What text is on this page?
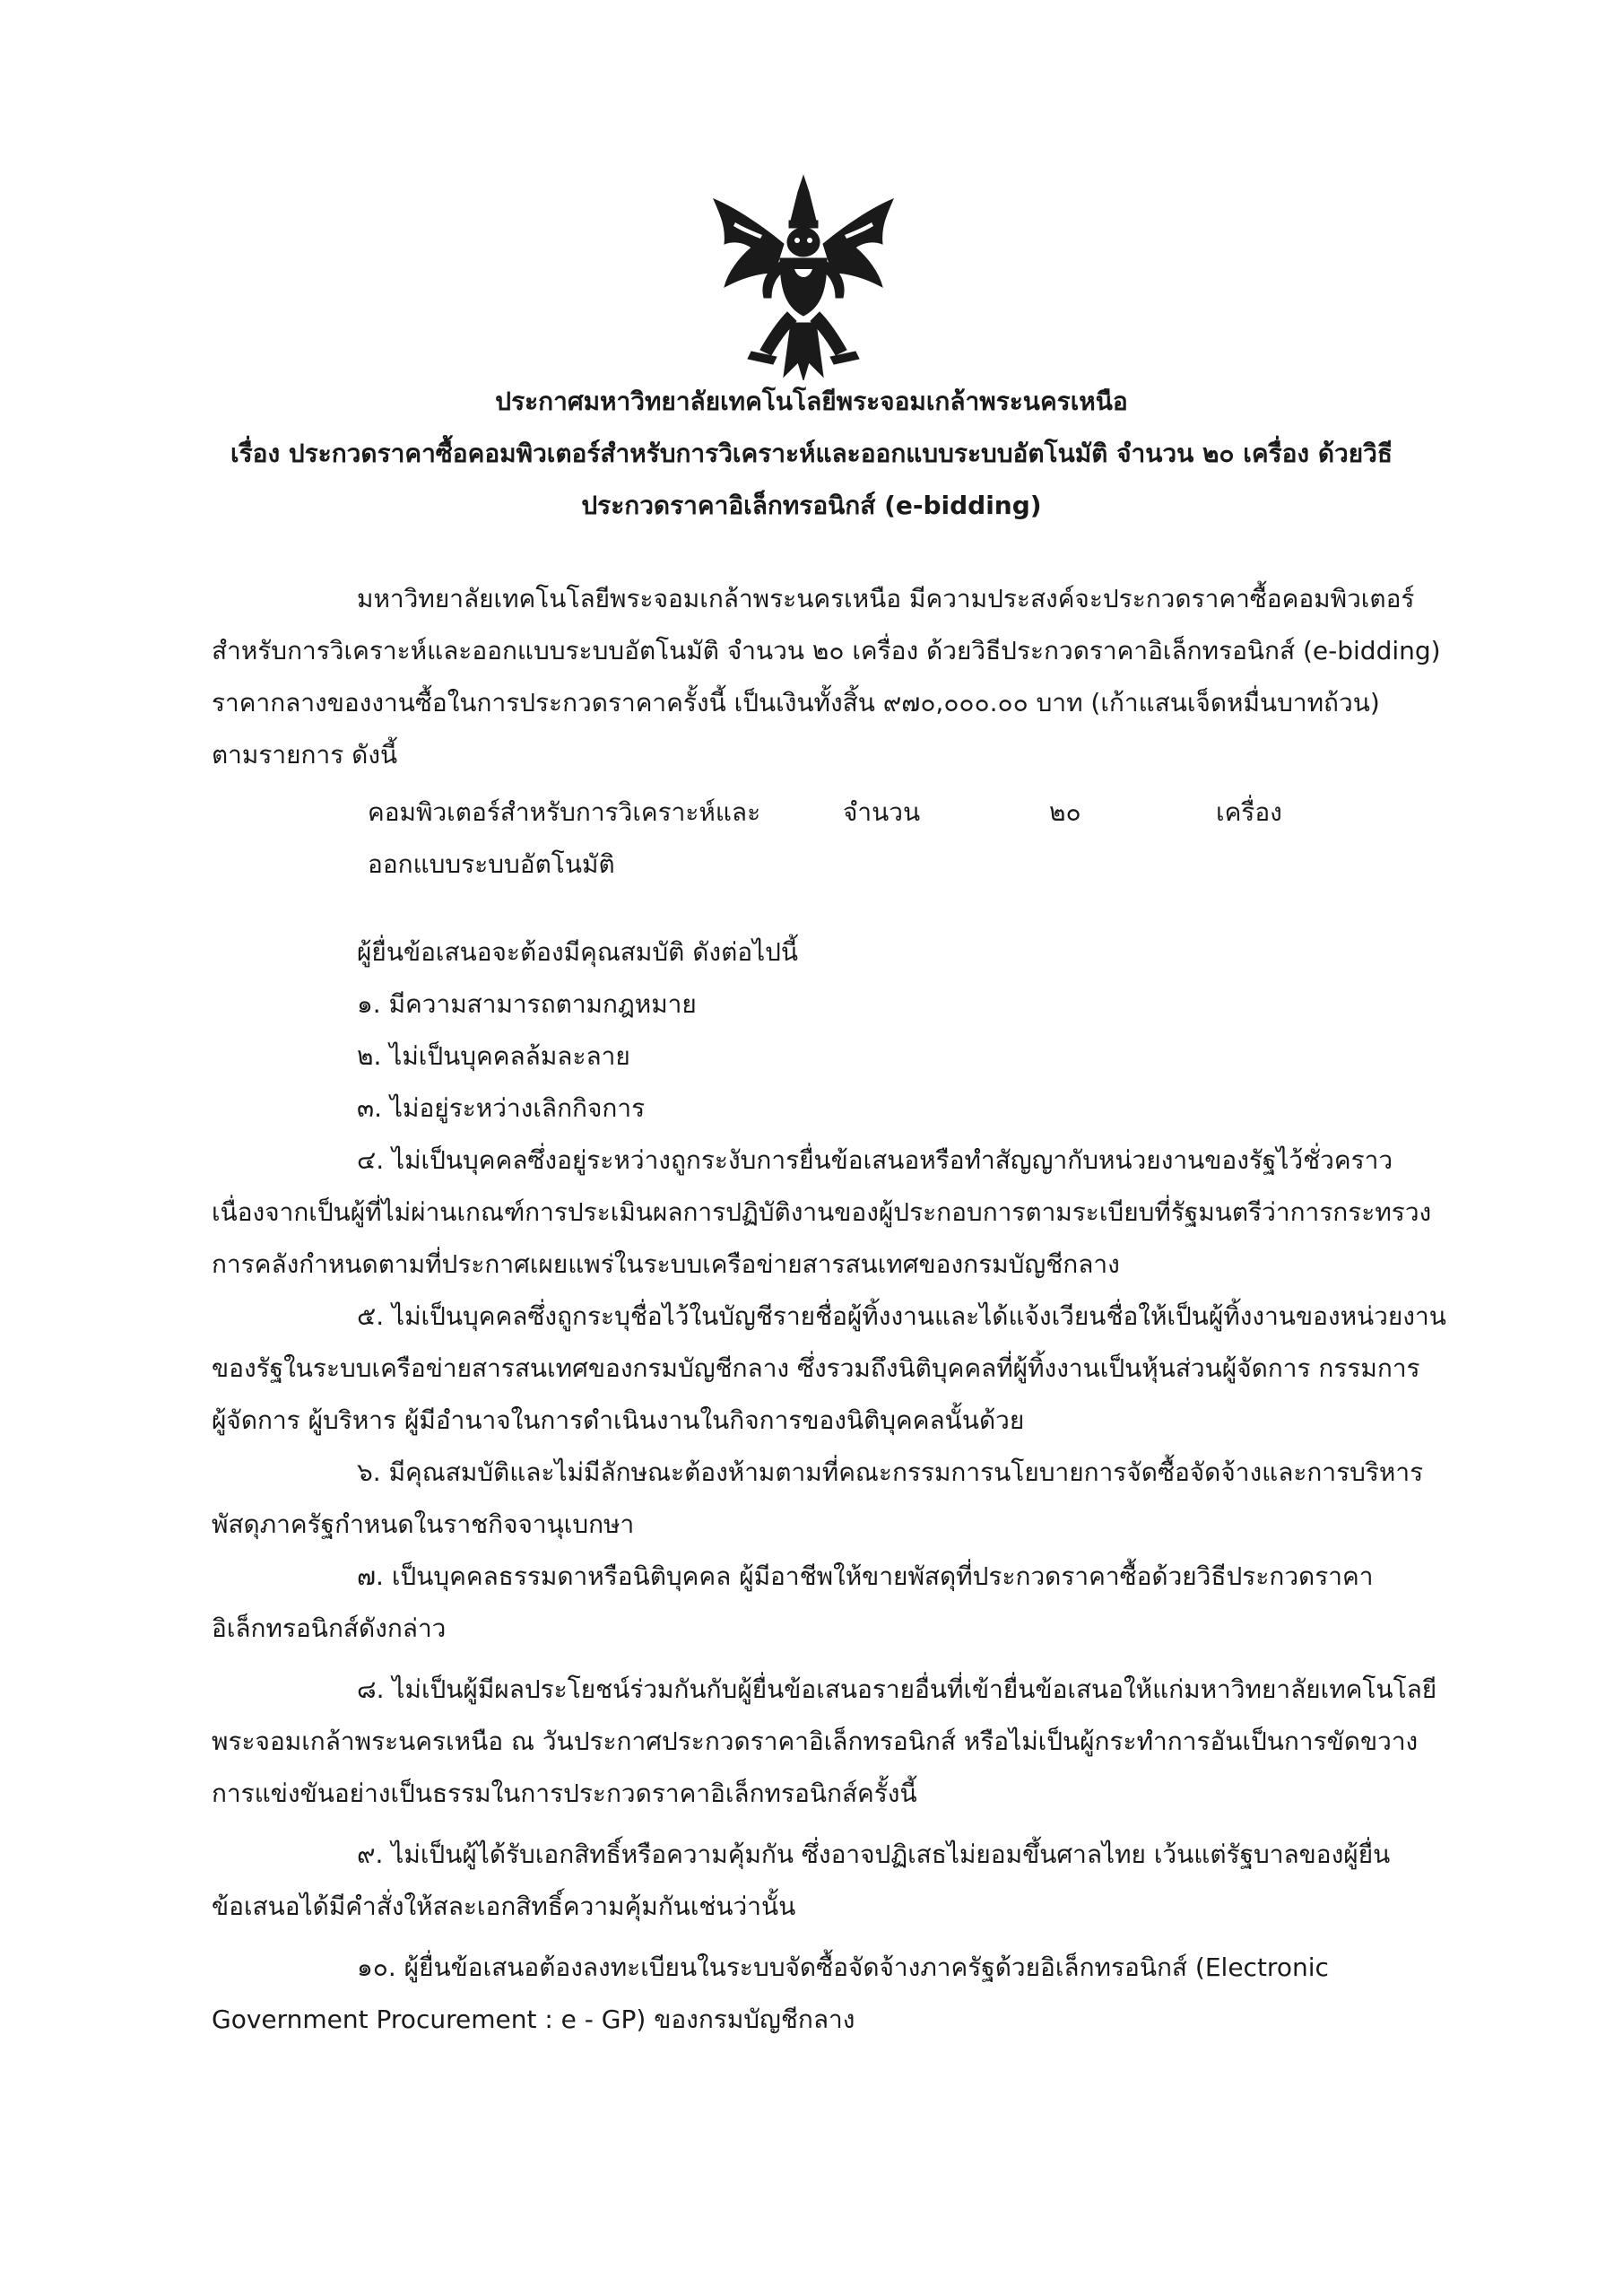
ประกาศมหาวิทยาลัยเทคโนโลยีพระจอมเกล้าพระนครเหนือ
เรื่อง ประกวดราคาซื้อคอมพิวเตอร์สำหรับการวิเคราะห์และออกแบบระบบอัตโนมัติ จำนวน ๒๐ เครื่อง ด้วยวิธี
ประกวดราคาอิเล็กทรอนิกส์ (e-bidding)
มหาวิทยาลัยเทคโนโลยีพระจอมเกล้าพระนครเหนือ มีความประสงค์จะประกวดราคาซื้อคอมพิวเตอร์
สำหรับการวิเคราะห์และออกแบบระบบอัตโนมัติ จำนวน ๒๐ เครื่อง ด้วยวิธีประกวดราคาอิเล็กทรอนิกส์ (e-bidding)
ราคากลางของงานซื้อในการประกวดราคาครั้งนี้ เป็นเงินทั้งสิ้น ๙๗๐,๐๐๐.๐๐ บาท (เก้าแสนเจ็ดหมื่นบาทถ้วน)
ตามรายการ ดังนี้
คอมพิวเตอร์สำหรับการวิเคราะห์และ	จำนวน	๒๐	เครื่อง
ออกแบบระบบอัตโนมัติ
ผู้ยื่นข้อเสนอจะต้องมีคุณสมบัติ ดังต่อไปนี้
๑. มีความสามารถตามกฎหมาย
๒. ไม่เป็นบุคคลล้มละลาย
๓. ไม่อยู่ระหว่างเลิกกิจการ
๔. ไม่เป็นบุคคลซึ่งอยู่ระหว่างถูกระงับการยื่นข้อเสนอหรือทำสัญญากับหน่วยงานของรัฐไว้ชั่วคราว
เนื่องจากเป็นผู้ที่ไม่ผ่านเกณฑ์การประเมินผลการปฏิบัติงานของผู้ประกอบการตามระเบียบที่รัฐมนตรีว่าการกระทรวง
การคลังกำหนดตามที่ประกาศเผยแพร่ในระบบเครือข่ายสารสนเทศของกรมบัญชีกลาง
๕. ไม่เป็นบุคคลซึ่งถูกระบุชื่อไว้ในบัญชีรายชื่อผู้ทิ้งงานและได้แจ้งเวียนชื่อให้เป็นผู้ทิ้งงานของหน่วยงาน
ของรัฐในระบบเครือข่ายสารสนเทศของกรมบัญชีกลาง ซึ่งรวมถึงนิติบุคคลที่ผู้ทิ้งงานเป็นหุ้นส่วนผู้จัดการ กรรมการ
ผู้จัดการ ผู้บริหาร ผู้มีอำนาจในการดำเนินงานในกิจการของนิติบุคคลนั้นด้วย
๖. มีคุณสมบัติและไม่มีลักษณะต้องห้ามตามที่คณะกรรมการนโยบายการจัดซื้อจัดจ้างและการบริหาร
พัสดุภาครัฐกำหนดในราชกิจจานุเบกษา
๗. เป็นบุคคลธรรมดาหรือนิติบุคคล ผู้มีอาชีพให้ขายพัสดุที่ประกวดราคาซื้อด้วยวิธีประกวดราคา
อิเล็กทรอนิกส์ดังกล่าว
๘. ไม่เป็นผู้มีผลประโยชน์ร่วมกันกับผู้ยื่นข้อเสนอรายอื่นที่เข้ายื่นข้อเสนอให้แก่มหาวิทยาลัยเทคโนโลยี
พระจอมเกล้าพระนครเหนือ ณ วันประกาศประกวดราคาอิเล็กทรอนิกส์ หรือไม่เป็นผู้กระทำการอันเป็นการขัดขวาง
การแข่งขันอย่างเป็นธรรมในการประกวดราคาอิเล็กทรอนิกส์ครั้งนี้
๙. ไม่เป็นผู้ได้รับเอกสิทธิ์หรือความคุ้มกัน ซึ่งอาจปฏิเสธไม่ยอมขึ้นศาลไทย เว้นแต่รัฐบาลของผู้ยื่น
ข้อเสนอได้มีคำสั่งให้สละเอกสิทธิ์ความคุ้มกันเช่นว่านั้น
๑๐. ผู้ยื่นข้อเสนอต้องลงทะเบียนในระบบจัดซื้อจัดจ้างภาครัฐด้วยอิเล็กทรอนิกส์ (Electronic
Government Procurement : e - GP) ของกรมบัญชีกลาง
